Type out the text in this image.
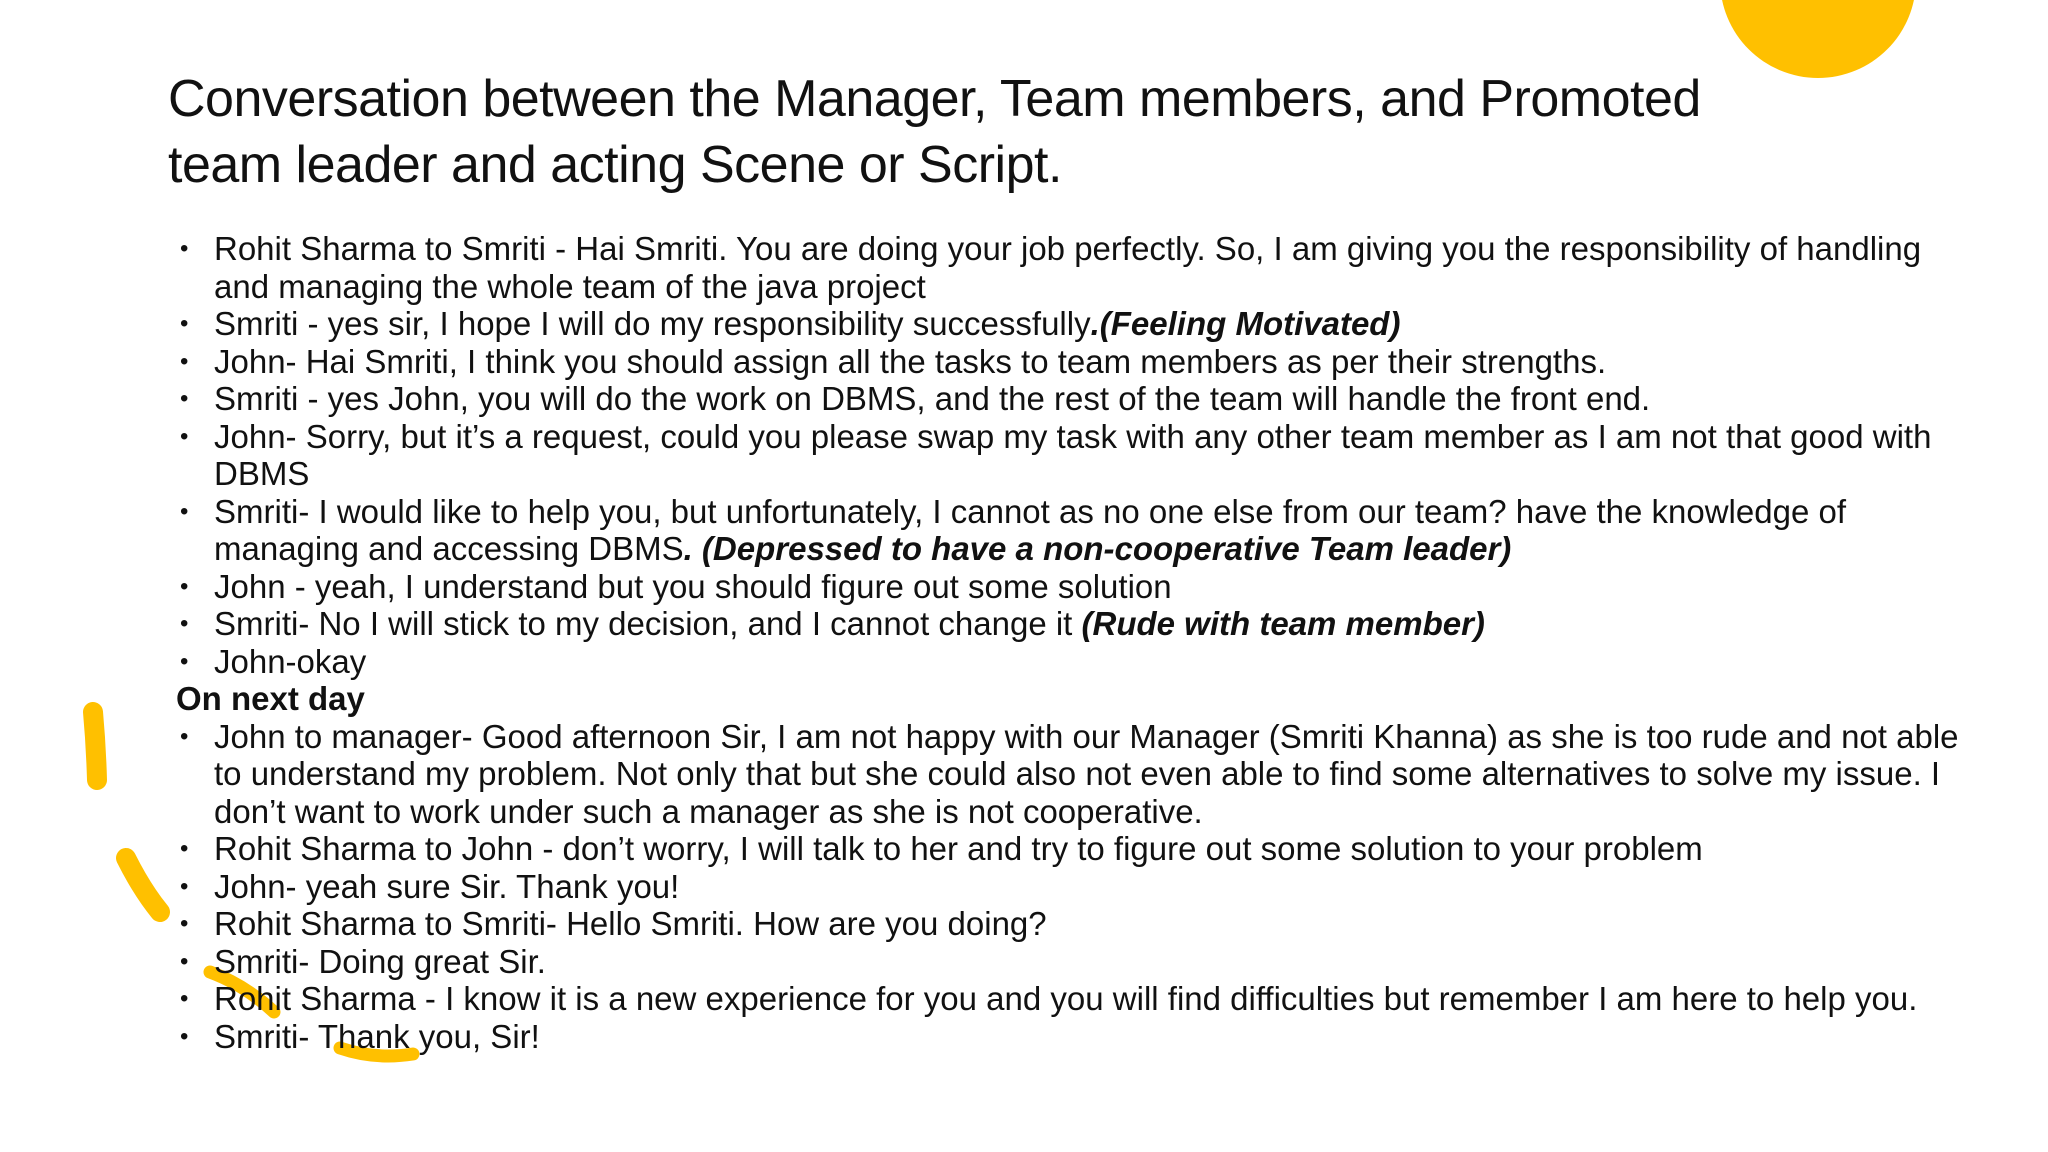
Conversation between the Manager, Team members, and Promoted
team leader and acting Scene or Script.
• Rohit Sharma to Smriti - Hai Smriti. You are doing your job perfectly. So, I am giving you the responsibility of handling and managing the whole team of the java project
• Smriti - yes sir, I hope I will do my responsibility successfully.(Feeling Motivated)
• John- Hai Smriti, I think you should assign all the tasks to team members as per their strengths.
• Smriti - yes John, you will do the work on DBMS, and the rest of the team will handle the front end.
• John- Sorry, but it’s a request, could you please swap my task with any other team member as I am not that good with DBMS
• Smriti- I would like to help you, but unfortunately, I cannot as no one else from our team? have the knowledge of managing and accessing DBMS. (Depressed to have a non-cooperative Team leader)
• John - yeah, I understand but you should figure out some solution
• Smriti- No I will stick to my decision, and I cannot change it (Rude with team member)
• John-okay
On next day
• John to manager- Good afternoon Sir, I am not happy with our Manager (Smriti Khanna) as she is too rude and not able to understand my problem. Not only that but she could also not even able to find some alternatives to solve my issue. I don’t want to work under such a manager as she is not cooperative.
• Rohit Sharma to John - don’t worry, I will talk to her and try to figure out some solution to your problem
• John- yeah sure Sir. Thank you!
• Rohit Sharma to Smriti- Hello Smriti. How are you doing?
• Smriti- Doing great Sir.
• Rohit Sharma - I know it is a new experience for you and you will find difficulties but remember I am here to help you.
• Smriti- Thank you, Sir!
